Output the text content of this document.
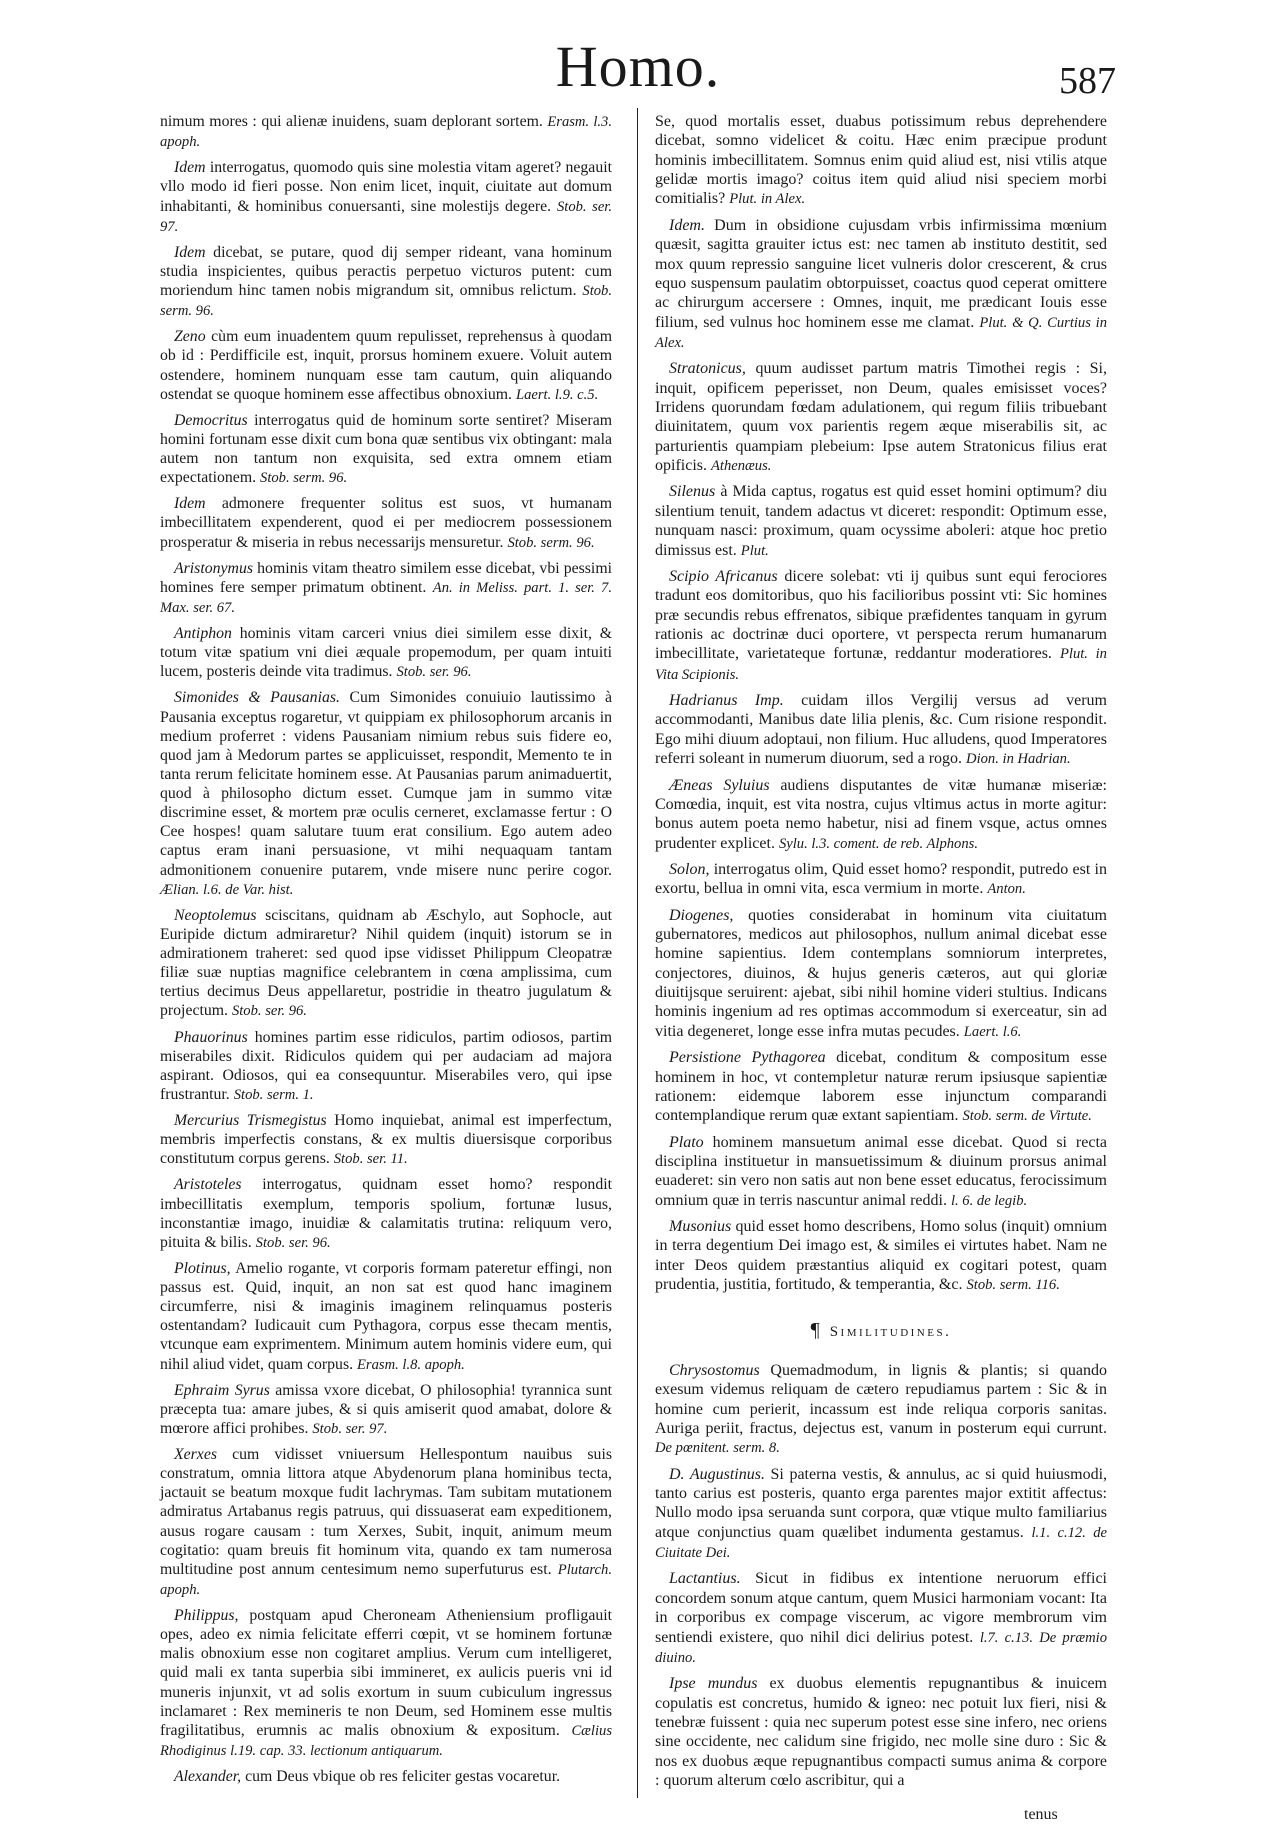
Homo.	587

nimum mores : qui alienæ inuidens, suam deplorant sortem. Erasm. l.3. apoph.

Idem interrogatus, quomodo quis sine molestia vitam ageret? negauit vllo modo id fieri posse. Non enim licet, inquit, ciuitate aut domum inhabitanti, & hominibus conuersanti, sine molestijs degere. Stob. ser. 97.

Idem dicebat, se putare, quod dij semper rideant, vana hominum studia inspicientes, quibus peractis perpetuo victuros putent: cum moriendum hinc tamen nobis migrandum sit, omnibus relictum. Stob. serm. 96.

Zeno cùm eum inuadentem quum repulisset, reprehensus à quodam ob id : Perdifficile est, inquit, prorsus hominem exuere. Voluit autem ostendere, hominem nunquam esse tam cautum, quin aliquando ostendat se quoque hominem esse affectibus obnoxium. Laert. l.9. c.5.

Democritus interrogatus quid de hominum sorte sentiret? Miseram homini fortunam esse dixit cum bona quæ sentibus vix obtingant: mala autem non tantum non exquisita, sed extra omnem etiam expectationem. Stob. serm. 96.

Idem admonere frequenter solitus est suos, vt humanam imbecillitatem expenderent, quod ei per mediocrem possessionem prosperatur & miseria in rebus necessarijs mensuretur. Stob. serm. 96.

Aristonymus hominis vitam theatro similem esse dicebat, vbi pessimi homines fere semper primatum obtinent. An. in Meliss. part. 1. ser. 7. Max. ser. 67.

Antiphon hominis vitam carceri vnius diei similem esse dixit, & totum vitæ spatium vni diei æquale propemodum, per quam intuiti lucem, posteris deinde vita tradimus. Stob. ser. 96.

Simonides & Pausanias. Cum Simonides conuiuio lautissimo à Pausania exceptus rogaretur, vt quippiam ex philosophorum arcanis in medium proferret : videns Pausaniam nimium rebus suis fidere eo, quod jam à Medorum partes se applicuisset, respondit, Memento te in tanta rerum felicitate hominem esse. At Pausanias parum animaduertit, quod à philosopho dictum esset. Cumque jam in summo vitæ discrimine esset, & mortem præ oculis cerneret, exclamasse fertur : O Cee hospes! quam salutare tuum erat consilium. Ego autem adeo captus eram inani persuasione, vt mihi nequaquam tantam admonitionem conuenire putarem, vnde misere nunc perire cogor. Ælian. l.6. de Var. hist.

Neoptolemus sciscitans, quidnam ab Æschylo, aut Sophocle, aut Euripide dictum admiraretur? Nihil quidem (inquit) istorum se in admirationem traheret: sed quod ipse vidisset Philippum Cleopatræ filiæ suæ nuptias magnifice celebrantem in cœna amplissima, cum tertius decimus Deus appellaretur, postridie in theatro jugulatum & projectum. Stob. ser. 96.

Phauorinus homines partim esse ridiculos, partim odiosos, partim miserabiles dixit. Ridiculos quidem qui per audaciam ad majora aspirant. Odiosos, qui ea consequuntur. Miserabiles vero, qui ipse frustrantur. Stob. serm. 1.

Mercurius Trismegistus Homo inquiebat, animal est imperfectum, membris imperfectis constans, & ex multis diuersisque corporibus constitutum corpus gerens. Stob. ser. 11.

Aristoteles interrogatus, quidnam esset homo? respondit imbecillitatis exemplum, temporis spolium, fortunæ lusus, inconstantiæ imago, inuidiæ & calamitatis trutina: reliquum vero, pituita & bilis. Stob. ser. 96.

Plotinus, Amelio rogante, vt corporis formam pateretur effingi, non passus est. Quid, inquit, an non sat est quod hanc imaginem circumferre, nisi & imaginis imaginem relinquamus posteris ostentandam? Iudicauit cum Pythagora, corpus esse thecam mentis, vtcunque eam exprimentem. Minimum autem hominis videre eum, qui nihil aliud videt, quam corpus. Erasm. l.8. apoph.

Ephraim Syrus amissa vxore dicebat, O philosophia! tyrannica sunt præcepta tua: amare jubes, & si quis amiserit quod amabat, dolore & mœrore affici prohibes. Stob. ser. 97.

Xerxes cum vidisset vniuersum Hellespontum nauibus suis constratum, omnia littora atque Abydenorum plana hominibus tecta, jactauit se beatum moxque fudit lachrymas. Tam subitam mutationem admiratus Artabanus regis patruus, qui dissuaserat eam expeditionem, ausus rogare causam : tum Xerxes, Subit, inquit, animum meum cogitatio: quam breuis fit hominum vita, quando ex tam numerosa multitudine post annum centesimum nemo superfuturus est. Plutarch. apoph.

Philippus, postquam apud Cheroneam Atheniensium profligauit opes, adeo ex nimia felicitate efferri cœpit, vt se hominem fortunæ malis obnoxium esse non cogitaret amplius. Verum cum intelligeret, quid mali ex tanta superbia sibi immineret, ex aulicis pueris vni id muneris injunxit, vt ad solis exortum in suum cubiculum ingressus inclamaret : Rex memineris te non Deum, sed Hominem esse multis fragilitatibus, erumnis ac malis obnoxium & expositum. Cælius Rhodiginus l.19. cap. 33. lectionum antiquarum.

Alexander, cum Deus vbique ob res feliciter gestas vocaretur.

Se, quod mortalis esset, duabus potissimum rebus deprehendere dicebat, somno videlicet & coitu. Hæc enim præcipue produnt hominis imbecillitatem. Somnus enim quid aliud est, nisi vtilis atque gelidæ mortis imago? coitus item quid aliud nisi speciem morbi comitialis? Plut. in Alex.

Idem. Dum in obsidione cujusdam vrbis infirmissima mœnium quæsit, sagitta grauiter ictus est: nec tamen ab instituto destitit, sed mox quum repressio sanguine licet vulneris dolor crescerent, & crus equo suspensum paulatim obtorpuisset, coactus quod ceperat omittere ac chirurgum accersere : Omnes, inquit, me prædicant Iouis esse filium, sed vulnus hoc hominem esse me clamat. Plut. & Q. Curtius in Alex.

Stratonicus, quum audisset partum matris Timothei regis : Si, inquit, opificem peperisset, non Deum, quales emisisset voces? Irridens quorundam fœdam adulationem, qui regum filiis tribuebant diuinitatem, quum vox parientis regem æque miserabilis sit, ac parturientis quampiam plebeium: Ipse autem Stratonicus filius erat opificis. Athenæus.

Silenus à Mida captus, rogatus est quid esset homini optimum? diu silentium tenuit, tandem adactus vt diceret: respondit: Optimum esse, nunquam nasci: proximum, quam ocyssime aboleri: atque hoc pretio dimissus est. Plut.

Scipio Africanus dicere solebat: vti ij quibus sunt equi ferociores tradunt eos domitoribus, quo his facilioribus possint vti: Sic homines præ secundis rebus effrenatos, sibique præfidentes tanquam in gyrum rationis ac doctrinæ duci oportere, vt perspecta rerum humanarum imbecillitate, varietateque fortunæ, reddantur moderatiores. Plut. in Vita Scipionis.

Hadrianus Imp. cuidam illos Vergilij versus ad verum accommodanti, Manibus date lilia plenis, &c. Cum risione respondit. Ego mihi diuum adoptaui, non filium. Huc alludens, quod Imperatores referri soleant in numerum diuorum, sed a rogo. Dion. in Hadrian.

Æneas Syluius audiens disputantes de vitæ humanæ miseriæ: Comœdia, inquit, est vita nostra, cujus vltimus actus in morte agitur: bonus autem poeta nemo habetur, nisi ad finem vsque, actus omnes prudenter explicet. Sylu. l.3. coment. de reb. Alphons.

Solon, interrogatus olim, Quid esset homo? respondit, putredo est in exortu, bellua in omni vita, esca vermium in morte. Anton.

Diogenes, quoties considerabat in hominum vita ciuitatum gubernatores, medicos aut philosophos, nullum animal dicebat esse homine sapientius. Idem contemplans somniorum interpretes, conjectores, diuinos, & hujus generis cæteros, aut qui gloriæ diuitijsque seruirent: ajebat, sibi nihil homine videri stultius. Indicans hominis ingenium ad res optimas accommodum si exerceatur, sin ad vitia degeneret, longe esse infra mutas pecudes. Laert. l.6.

Persistione Pythagorea dicebat, conditum & compositum esse hominem in hoc, vt contempletur naturæ rerum ipsiusque sapientiæ rationem: eidemque laborem esse injunctum comparandi contemplandique rerum quæ extant sapientiam. Stob. serm. de Virtute.

Plato hominem mansuetum animal esse dicebat. Quod si recta disciplina instituetur in mansuetissimum & diuinum prorsus animal euaderet: sin vero non satis aut non bene esset educatus, ferocissimum omnium quæ in terris nascuntur animal reddi. l. 6. de legib.

Musonius quid esset homo describens, Homo solus (inquit) omnium in terra degentium Dei imago est, & similes ei virtutes habet. Nam ne inter Deos quidem præstantius aliquid ex cogitari potest, quam prudentia, justitia, fortitudo, & temperantia, &c. Stob. serm. 116.

¶ Similitudines.

Chrysostomus Quemadmodum, in lignis & plantis; si quando exesum videmus reliquam de cætero repudiamus partem : Sic & in homine cum perierit, incassum est inde reliqua corporis sanitas. Auriga periit, fractus, dejectus est, vanum in posterum equi currunt. De pœnitent. serm. 8.

D. Augustinus. Si paterna vestis, & annulus, ac si quid huiusmodi, tanto carius est posteris, quanto erga parentes major extitit affectus: Nullo modo ipsa seruanda sunt corpora, quæ vtique multo familiarius atque conjunctius quam quælibet indumenta gestamus. l.1. c.12. de Ciuitate Dei.

Lactantius. Sicut in fidibus ex intentione neruorum effici concordem sonum atque cantum, quem Musici harmoniam vocant: Ita in corporibus ex compage viscerum, ac vigore membrorum vim sentiendi existere, quo nihil dici delirius potest. l.7. c.13. De præmio diuino.

Ipse mundus ex duobus elementis repugnantibus & inuicem copulatis est concretus, humido & igneo: nec potuit lux fieri, nisi & tenebræ fuissent : quia nec superum potest esse sine infero, nec oriens sine occidente, nec calidum sine frigido, nec molle sine duro : Sic & nos ex duobus æque repugnantibus compacti sumus anima & corpore : quorum alterum cœlo ascribitur, qui a

tenus
